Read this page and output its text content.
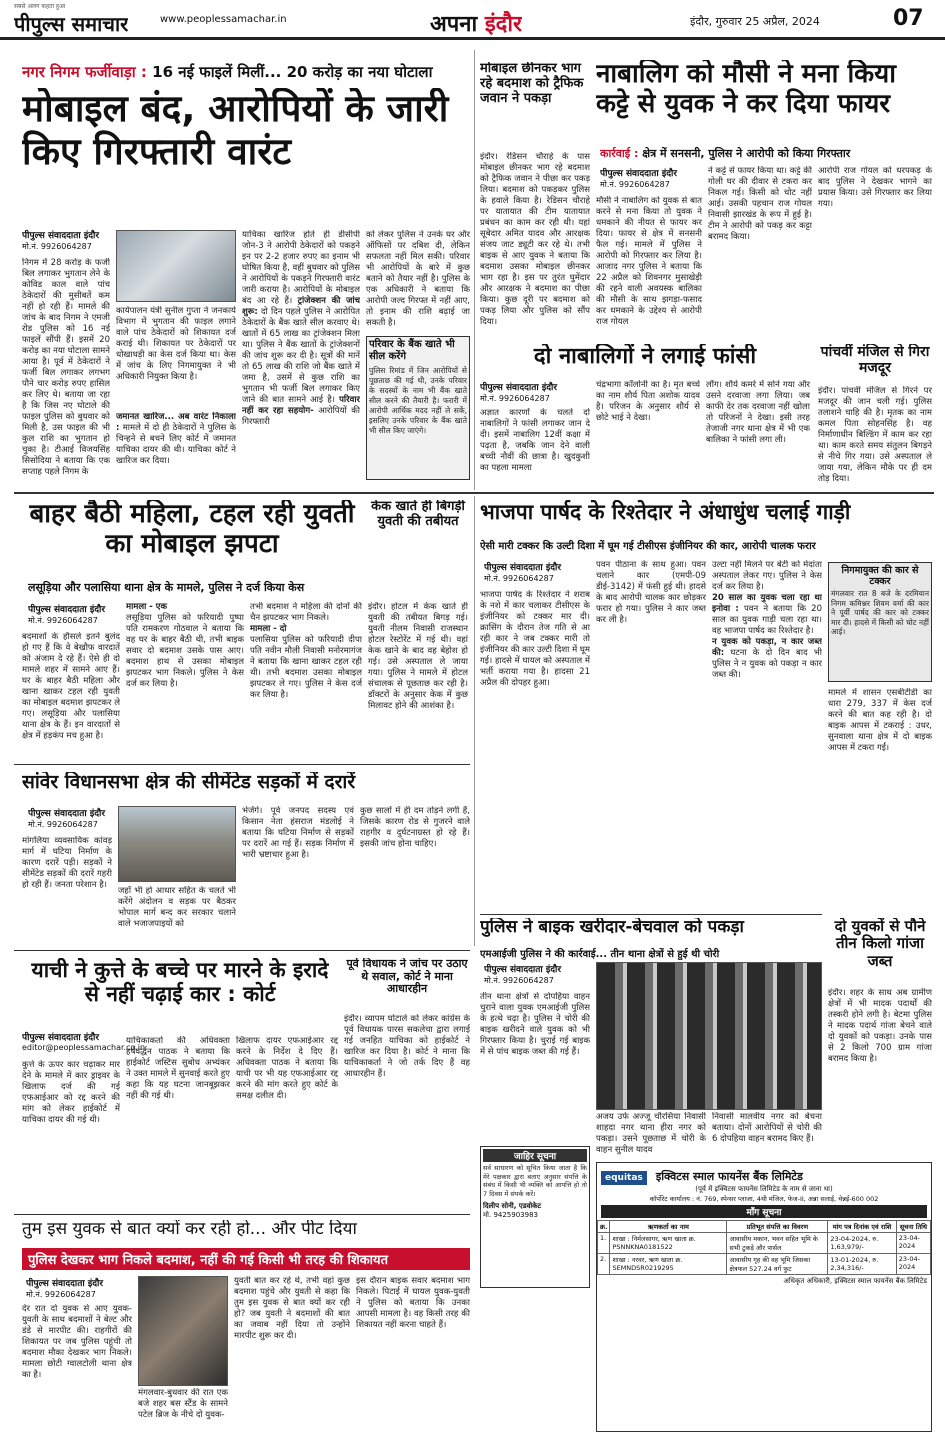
सबसे अलग कहता हुआ
पीपुल्स समाचार	www.peoplessamachar.in	अपना इंदौर	इंदौर, गुरुवार 25 अप्रैल, 2024	07
नगर निगम फर्जीवाड़ा : 16 नई फाइलें मिलीं... 20 करोड़ का नया घोटाला
मोबाइल बंद, आरोपियों के जारी किए गिरफ्तारी वारंट
पीपुल्स संवाददाता इंदौर
मो.नं. 9926064287
निगम में 28 करोड़ के फर्जी बिल लगाकर भुगतान लेने के कोविड काल वाले पांच ठेकेदारों की मुसीबतें कम नहीं हो रही हैं। मामले की जांच के बाद निगम ने एमजी रोड पुलिस को 16 नई फाइलें सौंपी हैं। इसमें 20 करोड़ का नया घोटाला सामने आया है। पूर्व में ठेकेदारों ने फर्जी बिल लगाकर लगभग पौने चार करोड़ रुपए हासिल कर लिए थे। बताया जा रहा है कि जिस नए घोटाले की फाइल पुलिस को बुधवार को मिली है, उस फाइल की भी कुल राशि का भुगतान हो चुका है। टीआई विजयसिंह सिसोदिया ने बताया कि एक सप्ताह पहले निगम के
कार्यपालन यंत्री सुनील गुप्ता ने जनकार्य विभाग में भुगतान की फाइल लगाने वाले पांच ठेकेदारों को शिकायत दर्ज कराई थी। शिकायत पर ठेकेदारों पर धोखाधड़ी का केस दर्ज किया था। केस में जांच के लिए निगमायुक्त ने भी अधिकारी नियुक्त किया है।
जमानत खारिज... अब वारंट निकाला : मामले में दो ही ठेकेदारों ने पुलिस के चिन्हने से बचने लिए कोर्ट में जमानत याचिका दायर की थी। याचिका कोर्ट ने खारिज कर दिया।
याचिका खारिज होते ही डीसीपी जोन-3 ने आरोपी ठेकेदारों को पकड़ने इन पर 2-2 हजार रुपए का इनाम भी घोषित किया है, वहीं बुधवार को पुलिस ने आरोपियों के पकड़ने गिरफ्तारी वारंट जारी कराया है। आरोपियों के मोबाइल बंद आ रहे हैं। ट्रांजेक्शन की जांच शुरू: दो दिन पहले पुलिस ने आरोपित ठेकेदारों के बैंक खाते सील करवाए थे। खातों में 65 लाख का ट्रांजेक्शन मिला था। पुलिस ने बैंक खातों के ट्रांजेक्शनों की जांच शुरू कर दी है। सूत्रों की मानें तो 65 लाख की राशि जो बैंक खाते में जमा है, उसमें से कुछ राशि का भुगतान भी फर्जी बिल लगाकर किए जाने की बात सामने आई है। परिवार नहीं कर रहा सहयोग- आरोपियों की गिरफ्तारी
को लेकर पुलिस ने उनके घर और ऑफिसों पर दबिश दी, लेकिन सफलता नहीं मिल सकी। परिवार भी आरोपियों के बारे में कुछ बताने को तैयार नहीं है। पुलिस के एक अधिकारी ने बताया कि आरोपी जल्द गिरफ्त में नहीं आए, तो इनाम की राशि बढ़ाई जा सकती है।
परिवार के बैंक खाते भी सील करेंगे
पुलिस रिमांड में जिन आरोपियों से पूछताछ की गई थी, उनके परिवार के सदस्यों के नाम भी बैंक खाते सील करने की तैयारी है। फरारी में आरोपी आर्थिक मदद नहीं ले सकें, इसलिए उनके परिवार के बैंक खाते भी सील किए जाएंगे।
मोबाइल छीनकर भाग रहे बदमाश को ट्रैफिक जवान ने पकड़ा
इंदौर। रेडिसन चौराहे के पास मोबाइल छीनकर भाग रहे बदमाश को ट्रैफिक जवान ने पीछा कर पकड़ लिया। बदमाश को पकड़कर पुलिस के हवाले किया है। रेडिसन चौराहे पर यातायात की टीम यातायात प्रबंधन का काम कर रही थी। यहां सूबेदार अमित यादव और आरक्षक संजय जाट ड्यूटी कर रहे थे। तभी बाइक से आए युवक ने बताया कि बदमाश उसका मोबाइल छीनकर भाग रहा है। इस पर तुरंत घुमेंदार और आरक्षक ने बदमाश का पीछा किया। कुछ दूरी पर बदमाश को पकड़ लिया और पुलिस को सौंप दिया।
नाबालिग को मौसी ने मना किया कट्टे से युवक ने कर दिया फायर
कार्रवाई : क्षेत्र में सनसनी, पुलिस ने आरोपी को किया गिरफ्तार
पीपुल्स संवाददाता इंदौर
मो.नं. 9926064287
मौसी ने नाबालिग को युवक से बात करने से मना किया तो युवक ने धमकाने की नीयत से फायर कर दिया। फायर से क्षेत्र में सनसनी फैल गई। मामले में पुलिस ने आरोपी को गिरफ्तार कर लिया है। आजाद नगर पुलिस ने बताया कि 22 अप्रैल को शिवनगर मुसाखेड़ी की रहने वाली अवयस्क बालिका की मौसी के साथ झगड़ा-फसाद कर धमकाने के उद्देश्य से आरोपी राज गोयल
ने कट्टे से फायर किया था। कट्टे की गोली घर की दीवार से टकरा कर निकल गई। किसी को चोट नहीं आई। उसकी पहचान राज गोयल निवासी झारखंड के रूप में हुई है। टीम ने आरोपी को पकड़ कर कट्टा बरामद किया।
आरोपी राज गोयल को धरपकड़ के बाद पुलिस ने देखकर भागने का प्रयास किया। उसे गिरफ्तार कर लिया गया।
दो नाबालिगों ने लगाई फांसी
पीपुल्स संवाददाता इंदौर
मो.नं. 9926064287
अज्ञात कारणों के चलते दो नाबालिगों ने फांसी लगाकर जान दे दी। इसमें नाबालिग 12वीं कक्षा में पढ़ता है, जबकि जान देने वाली बच्ची नौवीं की छात्रा है। खुदकुशी का पहला मामला
चंद्रभागा कॉलोनी का है। मृत बच्चे का नाम शौर्य पिता अशोक यादव है। परिजन के अनुसार शौर्य से छोटे भाई ने देखा।
लौंग। शौर्य कमरे में सोने गया और उसने दरवाजा लगा लिया। जब काफी देर तक दरवाजा नहीं खोला तो परिजनों ने देखा। इसी तरह तेजाजी नगर थाना क्षेत्र में भी एक बालिका ने फांसी लगा ली।
पांचवीं मंजिल से गिरा मजदूर
इंदौर। पांचवीं मंजिल से गिरने पर मजदूर की जान चली गई। पुलिस तलाशने चाहि की है। मृतक का नाम कमल पिता सोहनसिंह है। वह निर्माणाधीन बिल्डिंग में काम कर रहा था। काम करते समय संतुलन बिगड़ने से नीचे गिर गया। उसे अस्पताल ले जाया गया, लेकिन मौके पर ही दम तोड़ दिया।
बाहर बैठी महिला, टहल रही युवती का मोबाइल झपटा
लसूड़िया और पलासिया थाना क्षेत्र के मामले, पुलिस ने दर्ज किया केस
पीपुल्स संवाददाता इंदौर
मो.नं. 9926064287
बदमाशों के हौसले इतने बुलंद हो गए हैं कि वे बेखौफ वारदातें को अंजाम दे रहे हैं। ऐसे ही दो मामले शहर में सामने आए हैं। घर के बाहर बैठी महिला और खाना खाकर टहल रही युवती का मोबाइल बदमाश झपटकर ले गए। लसूड़िया और पलासिया थाना क्षेत्र के हैं। इन वारदातों से क्षेत्र में हड़कंप मच हुआ है।
मामला - एक
लसूड़िया पुलिस को फरियादी पुष्पा पति रामकरण गोठवाल ने बताया कि वह घर के बाहर बैठी थी, तभी बाइक सवार दो बदमाश उसके पास आए। बदमाश हाथ से उसका मोबाइल झपटकर भाग निकले। पुलिस ने केस दर्ज कर लिया है।
तभी बदमाश ने महिला की दोनों की चैन झपटकर भाग निकले।
मामला - दो
पलासिया पुलिस को फरियादी दीपा पति नवीन मौली निवासी मनोरमागंज ने बताया कि खाना खाकर टहल रही थी। तभी बदमाश उसका मोबाइल झपटकर ले गए। पुलिस ने केस दर्ज कर लिया है।
केक खाते ही बिगड़ी युवती की तबीयत
इंदौर। होटल में केक खाते ही युवती की तबीयत बिगड़ गई। युवती नीलम निवासी राजस्थान होटल रेस्टोरेंट में गई थी। वहां केक खाने के बाद वह बेहोश हो गई। उसे अस्पताल ले जाया गया। पुलिस ने मामले में होटल संचालक से पूछताछ कर रही है। डॉक्टरों के अनुसार केक में कुछ मिलावट होने की आशंका है।
भाजपा पार्षद के रिश्तेदार ने अंधाधुंध चलाई गाड़ी
ऐसी मारी टक्कर कि उल्टी दिशा में घूम गई टीसीएस इंजीनियर की कार, आरोपी चालक फरार
पीपुल्स संवाददाता इंदौर
मो.नं. 9926064287
भाजपा पार्षद के रिश्तेदार ने शराब के नशे में कार चलाकर टीसीएस के इंजीनियर को टक्कर मार दी। क्रासिंग के दौरान तेज गति से आ रही कार ने जब टक्कर मारी तो इंजीनियर की कार उल्टी दिशा में घूम गई। हादसे में घायल को अस्पताल में भर्ती कराया गया है। हादसा 21 अप्रैल की दोपहर हुआ।
पवन पीठाना के साथ हुआ। पवन चलाने कार (एमपी-09 डीई-3142) में फंसी हुई थी। हादसे के बाद आरोपी चालक कार छोड़कर फरार हो गया। पुलिस ने कार जब्त कर ली है।
उल्टा नहीं मिलने पर बेटी को मेदांता अस्पताल लेकर गए। पुलिस ने केस दर्ज कर लिया है।
20 साल का युवक चला रहा था इनोवा : पवन ने बताया कि 20 साल का युवक गाड़ी चला रहा था। वह भाजपा पार्षद का रिश्तेदार है।
न युवक को पकड़ा, न कार जब्त की: घटना के दो दिन बाद भी पुलिस ने न युवक को पकड़ा न कार जब्त की।
निगमायुक्त की कार से टक्कर
मंगलवार रात 8 बजे के दरमियान निगम कमिश्नर शिवम वर्मा की कार ने पूर्वी पार्षद की कार को टक्कर मार दी। हादसे में किसी को चोट नहीं आई।
मामले में शासन एसबीटीडी का धारा 279, 337 में केस दर्ज करने की बात कह रही है। दो बाइक आपस में टकराई : उधर, सुनवाला थाना क्षेत्र में दो बाइक आपस में टकरा गईं।
सांवेर विधानसभा क्षेत्र की सीमेंटेड सड़कों में दरारें
पीपुल्स संवाददाता इंदौर
मो.नं. 9926064287
मांगलिया व्यवसायिक कांवड़ मार्ग में घटिया निर्माण के कारण दरारें पड़ी। सड़कों ने सीमेंटेड सड़कों की दरारें गहरी हो रही हैं। जनता परेशान है।
जहाँ भी हो आधार सहित के चलते भी करेंगे अंदोलन व सड़क पर बैठकर भोपाल मार्ग बन्द कर सरकार चलाने वाले भजाजपाइयों को
भेजेंगे। पूर्व जनपद सदस्य एवं किसान नेता हंसराज मंडलोई ने बताया कि घटिया निर्माण से सड़कों पर दरारें आ गई हैं। सड़क निर्माण में भारी भ्रष्टाचार हुआ है।
कुछ सालों में ही दम तोड़ने लगी हैं, जिसके कारण रोड से गुजरने वाले राहगीर व दुर्घटनाग्रस्त हो रहे हैं। इसकी जांच होना चाहिए।
याची ने कुत्ते के बच्चे पर मारने के इरादे से नहीं चढ़ाई कार : कोर्ट
पीपुल्स संवाददाता इंदौर
editor@peoplessamachar.co.in
कुत्ते के ऊपर कार चढ़ाकर मार देने के मामले में कार ड्राइवर के खिलाफ दर्ज की गई एफआईआर को रद्द करने की मांग को लेकर हाईकोर्ट में याचिका दायर की गई थी।
याचिकाकर्ता की अधिवक्ता हर्षवर्द्धन पाठक ने बताया कि हाईकोर्ट जस्टिस सुबोध अभ्यंकर ने उक्त मामले में सुनवाई करते हुए कहा कि यह घटना जानबूझकर नहीं की गई थी।
खिलाफ दायर एफआईआर रद्द करने के निर्देश दे दिए हैं। अधिवक्ता पाठक ने बताया कि याची पर भी यह एफआईआर रद्द करने की मांग करते हुए कोर्ट के समक्ष दलील दी।
पूर्व विधायक ने जांच पर उठाए थे सवाल, कोर्ट ने माना आधारहीन
इंदौर। व्यापम घोटाले को लेकर कांग्रेस के पूर्व विधायक पारस सकलेचा द्वारा लगाई गई जनहित याचिका को हाईकोर्ट ने खारिज कर दिया है। कोर्ट ने माना कि याचिकाकर्ता ने जो तर्क दिए हैं वह आधारहीन हैं।
पुलिस ने बाइक खरीदार-बेचवाल को पकड़ा
एमआईजी पुलिस ने की कार्रवाई... तीन थाना क्षेत्रों से हुई थी चोरी
पीपुल्स संवाददाता इंदौर
मो.नं. 9926064287
तीन थाना क्षेत्रों से दोपहिया वाहन चुराने वाला युवक एमआईजी पुलिस के हत्थे चढ़ा है। पुलिस ने चोरी की बाइक खरीदने वाले युवक को भी गिरफ्तार किया है। चुराई गई बाइक में से पांच बाइक जब्त की गई हैं।
अजय उर्फ अज्जू चौरसिया निवासी शाहदा नगर थाना हीरा नगर को पकड़ा। उसने पूछताछ में चोरी के वाहन सुनील यादव
निवासी मालवीय नगर को बेचना बताया। दोनों आरोपियों से चोरी की 6 दोपहिया वाहन बरामद किए हैं।
दो युवकों से पौने तीन किलो गांजा जब्त
इंदौर। शहर के साथ अब ग्रामीण क्षेत्रों में भी मादक पदार्थों की तस्करी होने लगी है। बेटमा पुलिस ने मादक पदार्थ गांजा बेचने वाले दो युवकों को पकड़ा। उनके पास से 2 किलो 700 ग्राम गांजा बरामद किया है।
जाहिर सूचना
सर्व साधारण को सूचित किया जाता है कि मेरे पक्षकार द्वारा बताए अनुसार संपत्ति के संबंध में किसी भी व्यक्ति को आपत्ति हो तो 7 दिवस में संपर्क करें।
दिलीप सोनी, एडवोकेट
मो. 9425903983
equitas इक्विटस स्माल फायनेंस बैंक लिमिटेड
(पूर्व में इक्विटस फायनेंस लिमिटेड के नाम से जाना था)
कॉर्पोरेट कार्यालय : नं. 769, स्पेन्सर प्लाजा, 4थी मंजिल, फेज-II, अन्ना सलाई, चेन्नई-600 002
माँग सूचना
क्र.	ऋणकर्ता का नाम	प्रतिभूत संपत्ति का विवरण	मांग पत्र दिनांक एवं राशि	सूचना तिथि
1.	शाखा : निर्मलसागर, ऋण खाता क्र. PSNNKNA0181522	आवासीय मकान, भवन सहित भूमि के सभी टुकड़े और पार्सल	23-04-2024, रु. 1,63,979/-	23-04-2024
2.	शाखा : नरवर, ऋण खाता क्र. SEMNDSR0219295	आवासीय गृह की वह भूमि जिसका क्षेत्रफल 527.24 वर्ग फुट	13-01-2024, रु. 2,34,316/-	23-04-2024
अधिकृत अधिकारी, इक्विटस स्माल फायनेंस बैंक लिमिटेड
तुम इस युवक से बात क्यों कर रही हो... और पीट दिया
पुलिस देखकर भाग निकले बदमाश, नहीं की गई किसी भी तरह की शिकायत
पीपुल्स संवाददाता इंदौर
मो.नं. 9926064287
देर रात दो युवक से आए युवक-युवती के साथ बदमाशों ने बेल्ट और डंडे से मारपीट की। राहगीरों की शिकायत पर जब पुलिस पहुंची तो बदमाश मौका देखकर भाग निकले। मामला छोटी ग्वालटोली थाना क्षेत्र का है।
मंगलवार-बुधवार की रात एक बजे शहर बस स्टैंड के सामने पटेल ब्रिज के नीचे दो युवक-
युवती बात कर रहे थे, तभी वहां कुछ बदमाश पहुंचे और युवती से कहा कि तुम इस युवक से बात क्यों कर रही हो? जब युवती ने बदमाशों की बात का जवाब नहीं दिया तो उन्होंने मारपीट शुरू कर दी।
इस दौरान बाइक सवार बदमाश भाग निकले। पिटाई में घायल युवक-युवती ने पुलिस को बताया कि उनका आपसी मामला है। वह किसी तरह की शिकायत नहीं करना चाहते हैं।
